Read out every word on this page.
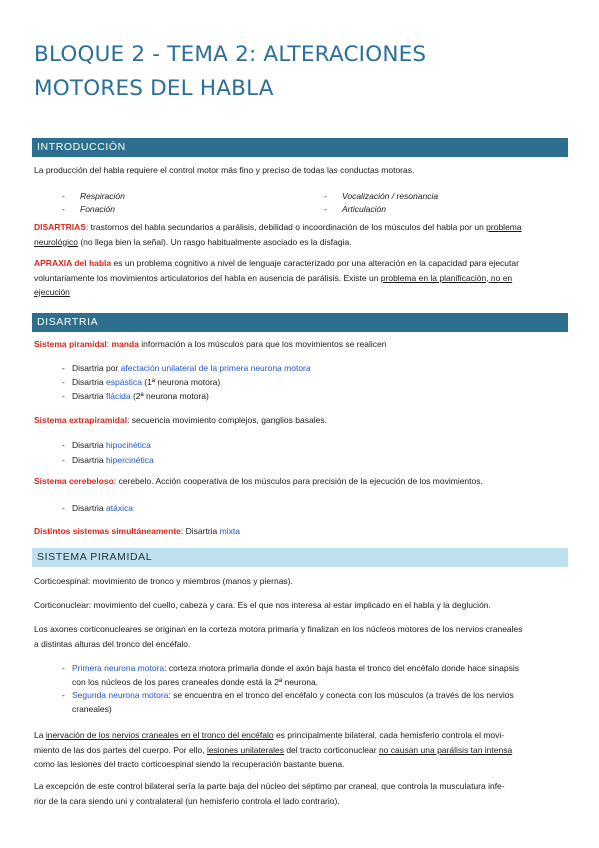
BLOQUE 2 - TEMA 2: ALTERACIONES
MOTORES DEL HABLA
INTRODUCCIÓN
La producción del habla requiere el control motor más fino y preciso de todas las conductas motoras.
- Respiración
- Fonación
- Vocalización / resonancia
- Articulación
DISARTRIAS: trastornos del habla secundarios a parálisis, debilidad o incoordinación de los músculos del habla por un problema
neurológico (no llega bien la señal). Un rasgo habitualmente asociado es la disfagia.
APRAXIA del habla es un problema cognitivo a nivel de lenguaje caracterizado por una alteración en la capacidad para ejecutar
voluntariamente los movimientos articulatorios del habla en ausencia de parálisis. Existe un problema en la planificación, no en
ejecución
DISARTRIA
Sistema piramidal: manda información a los músculos para que los movimientos se realicen
- Disartria por afectación unilateral de la primera neurona motora
- Disartria espástica (1ª neurona motora)
- Disartria flácida (2ª neurona motora)
Sistema extrapiramidal: secuencia movimiento complejos, ganglios basales.
- Disartria hipocinética
- Disartria hipercinética
Sistema cerebeloso: cerebelo. Acción cooperativa de los músculos para precisión de la ejecución de los movimientos.
- Disartria atáxica
Distintos sistemas simultáneamente: Disartria mixta
SISTEMA PIRAMIDAL
Corticoespinal: movimiento de tronco y miembros (manos y piernas).
Corticonuclear: movimiento del cuello, cabeza y cara. Es el que nos interesa al estar implicado en el habla y la deglución.
Los axones corticonucleares se originan en la corteza motora primaria y finalizan en los núcleos motores de los nervios craneales
a distintas alturas del tronco del encéfalo.
- Primera neurona motora: corteza motora primaria donde el axón baja hasta el tronco del encéfalo donde hace sinapsis
con los núcleos de los pares craneales donde está la 2ª neurona.
- Segunda neurona motora: se encuentra en el tronco del encéfalo y conecta con los músculos (a través de los nervios
craneales)
La inervación de los nervios craneales en el tronco del encéfalo es principalmente bilateral, cada hemisferio controla el movi-
miento de las dos partes del cuerpo. Por ello, lesiones unilaterales del tracto corticonuclear no causan una parálisis tan intensa
como las lesiones del tracto corticoespinal siendo la recuperación bastante buena.
La excepción de este control bilateral sería la parte baja del núcleo del séptimo par craneal, que controla la musculatura infe-
rior de la cara siendo uni y contralateral (un hemisferio controla el lado contrario).
